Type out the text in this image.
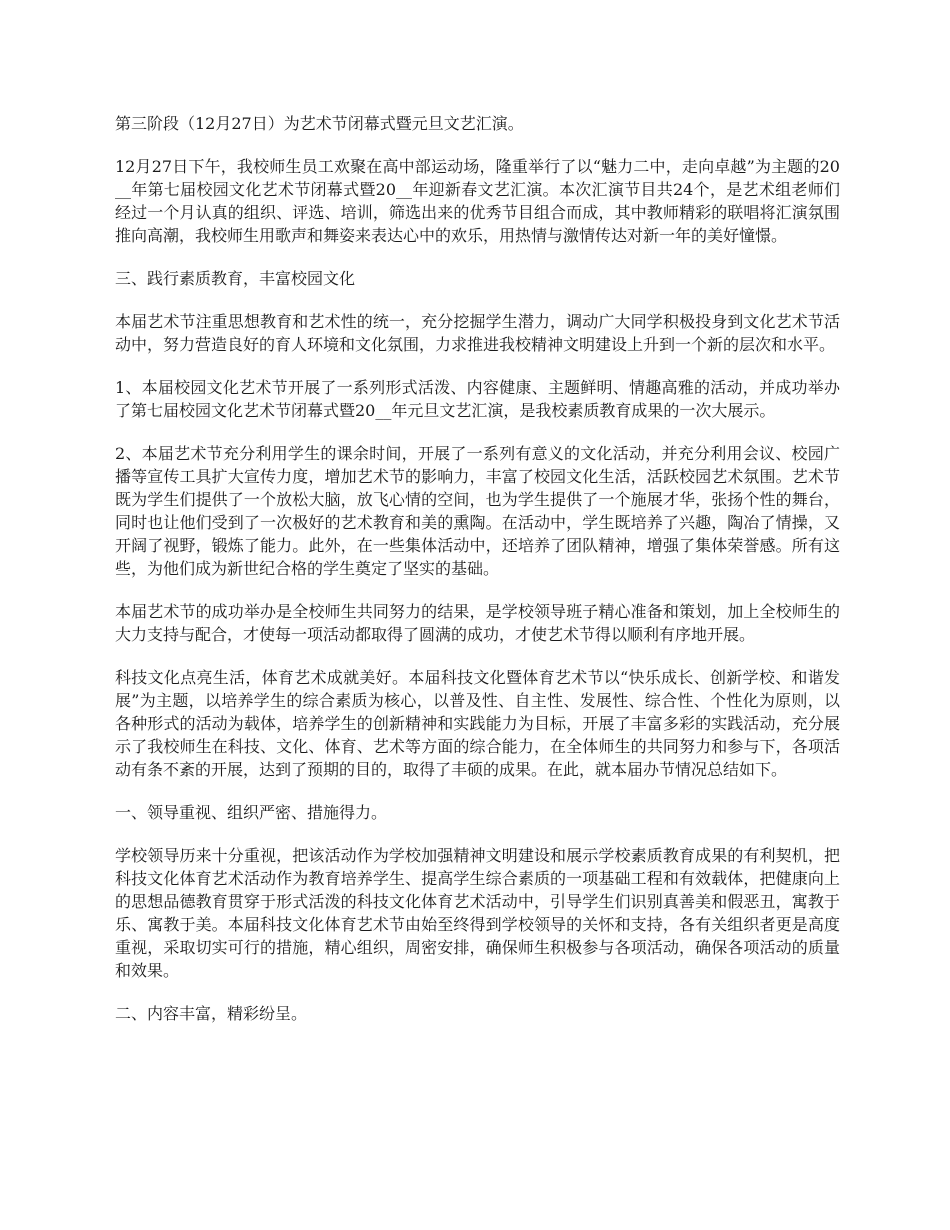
第三阶段（12月27日）为艺术节闭幕式暨元旦文艺汇演。

12月27日下午，我校师生员工欢聚在高中部运动场，隆重举行了以“魅力二中，走向卓越”为主题的20__年第七届校园文化艺术节闭幕式暨20__年迎新春文艺汇演。本次汇演节目共24个，是艺术组老师们经过一个月认真的组织、评选、培训，筛选出来的优秀节目组合而成，其中教师精彩的联唱将汇演氛围推向高潮，我校师生用歌声和舞姿来表达心中的欢乐，用热情与激情传达对新一年的美好憧憬。

三、践行素质教育，丰富校园文化

本届艺术节注重思想教育和艺术性的统一，充分挖掘学生潜力，调动广大同学积极投身到文化艺术节活动中，努力营造良好的育人环境和文化氛围，力求推进我校精神文明建设上升到一个新的层次和水平。

1、本届校园文化艺术节开展了一系列形式活泼、内容健康、主题鲜明、情趣高雅的活动，并成功举办了第七届校园文化艺术节闭幕式暨20__年元旦文艺汇演，是我校素质教育成果的一次大展示。

2、本届艺术节充分利用学生的课余时间，开展了一系列有意义的文化活动，并充分利用会议、校园广播等宣传工具扩大宣传力度，增加艺术节的影响力，丰富了校园文化生活，活跃校园艺术氛围。艺术节既为学生们提供了一个放松大脑，放飞心情的空间，也为学生提供了一个施展才华，张扬个性的舞台，同时也让他们受到了一次极好的艺术教育和美的熏陶。在活动中，学生既培养了兴趣，陶冶了情操，又开阔了视野，锻炼了能力。此外，在一些集体活动中，还培养了团队精神，增强了集体荣誉感。所有这些，为他们成为新世纪合格的学生奠定了坚实的基础。

本届艺术节的成功举办是全校师生共同努力的结果，是学校领导班子精心准备和策划，加上全校师生的大力支持与配合，才使每一项活动都取得了圆满的成功，才使艺术节得以顺利有序地开展。

科技文化点亮生活，体育艺术成就美好。本届科技文化暨体育艺术节以“快乐成长、创新学校、和谐发展”为主题，以培养学生的综合素质为核心，以普及性、自主性、发展性、综合性、个性化为原则，以各种形式的活动为载体，培养学生的创新精神和实践能力为目标，开展了丰富多彩的实践活动，充分展示了我校师生在科技、文化、体育、艺术等方面的综合能力，在全体师生的共同努力和参与下，各项活动有条不紊的开展，达到了预期的目的，取得了丰硕的成果。在此，就本届办节情况总结如下。

一、领导重视、组织严密、措施得力。

学校领导历来十分重视，把该活动作为学校加强精神文明建设和展示学校素质教育成果的有利契机，把科技文化体育艺术活动作为教育培养学生、提高学生综合素质的一项基础工程和有效载体，把健康向上的思想品德教育贯穿于形式活泼的科技文化体育艺术活动中，引导学生们识别真善美和假恶丑，寓教于乐、寓教于美。本届科技文化体育艺术节由始至终得到学校领导的关怀和支持，各有关组织者更是高度重视，采取切实可行的措施，精心组织，周密安排，确保师生积极参与各项活动，确保各项活动的质量和效果。

二、内容丰富，精彩纷呈。
